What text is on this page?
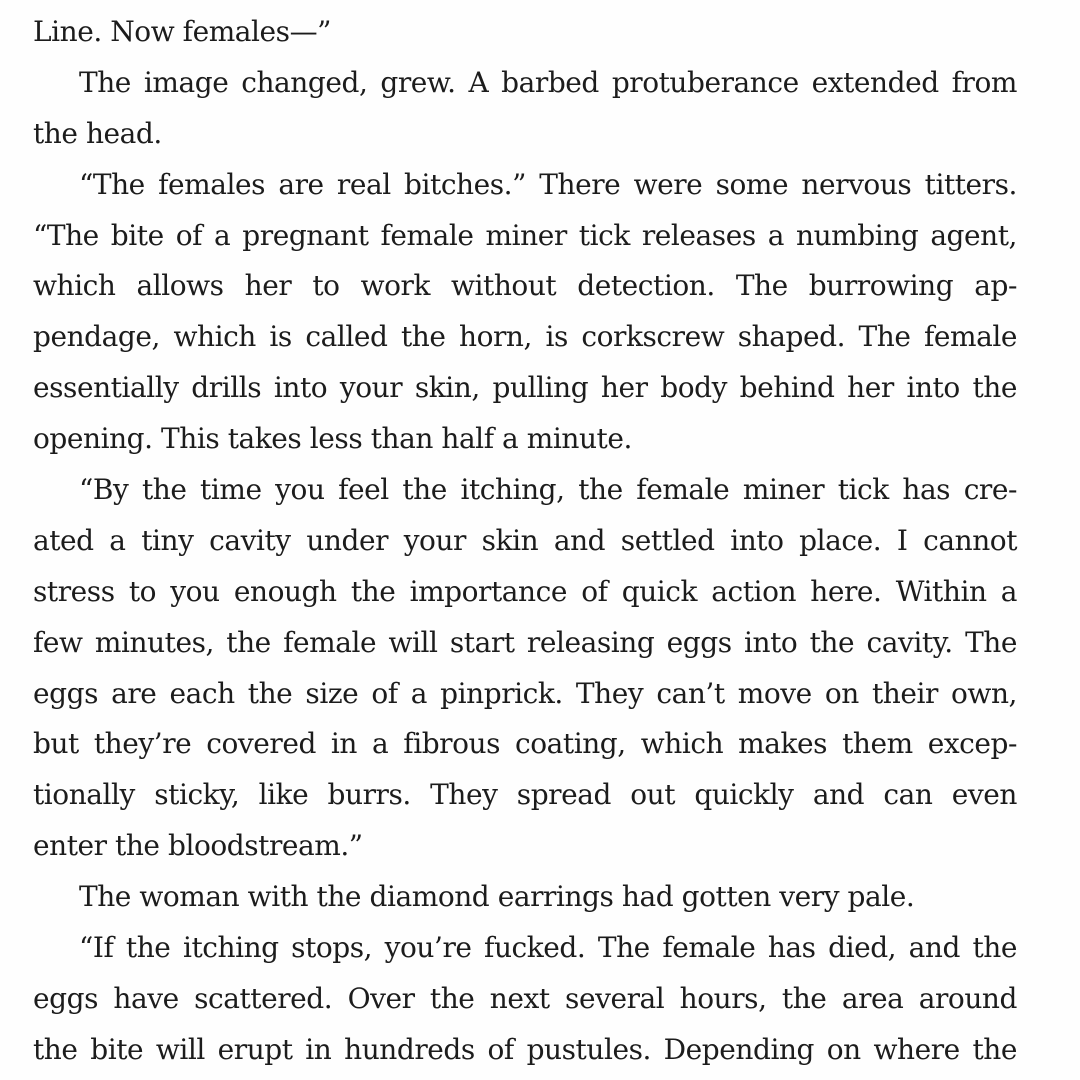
Line. Now females—”
The image changed, grew. A barbed protuberance extended from
the head.
“The females are real bitches.” There were some nervous titters.
“The bite of a pregnant female miner tick releases a numbing agent,
which allows her to work without detection. The burrowing ap-
pendage, which is called the horn, is corkscrew shaped. The female
essentially drills into your skin, pulling her body behind her into the
opening. This takes less than half a minute.
“By the time you feel the itching, the female miner tick has cre-
ated a tiny cavity under your skin and settled into place. I cannot
stress to you enough the importance of quick action here. Within a
few minutes, the female will start releasing eggs into the cavity. The
eggs are each the size of a pinprick. They can’t move on their own,
but they’re covered in a fibrous coating, which makes them excep-
tionally sticky, like burrs. They spread out quickly and can even
enter the bloodstream.”
The woman with the diamond earrings had gotten very pale.
“If the itching stops, you’re fucked. The female has died, and the
eggs have scattered. Over the next several hours, the area around
the bite will erupt in hundreds of pustules. Depending on where the
